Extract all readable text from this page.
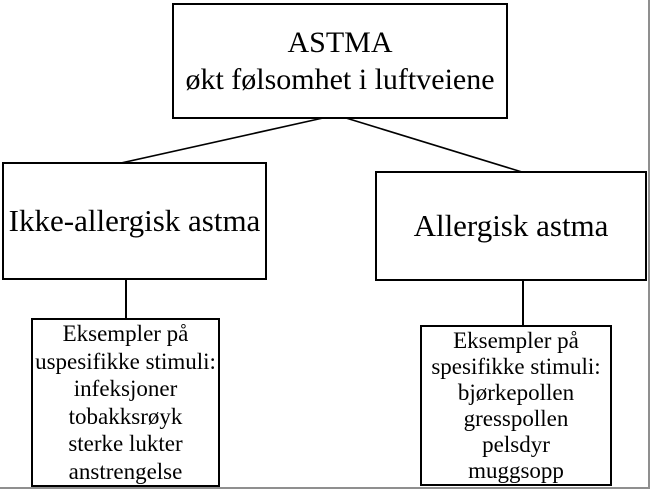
ASTMA
økt følsomhet i luftveiene
Ikke-allergisk astma	Allergisk astma
Eksempler på
uspesifikke stimuli:
infeksjoner
tobakksrøyk
sterke lukter
anstrengelse
Eksempler på
spesifikke stimuli:
bjørkepollen
gresspollen
pelsdyr
muggsopp
